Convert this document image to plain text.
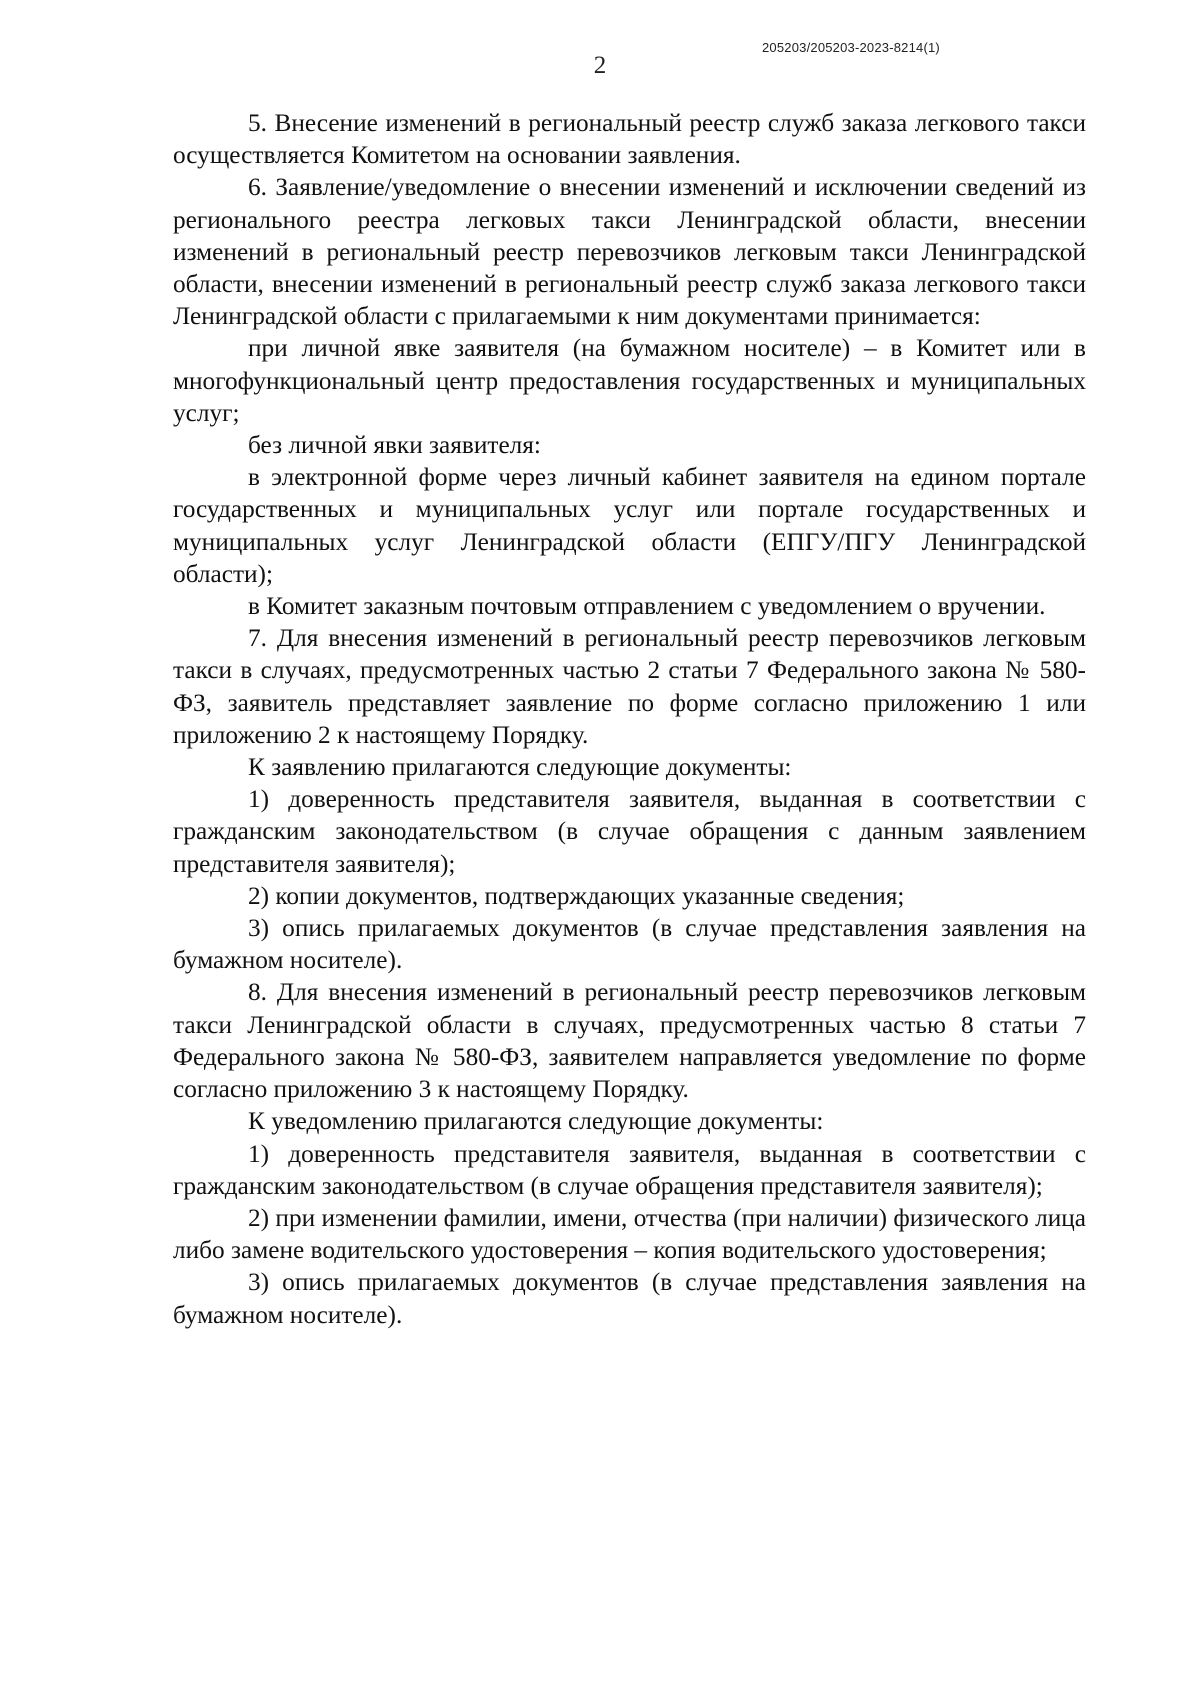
205203/205203-2023-8214(1)
2

5. Внесение изменений в региональный реестр служб заказа легкового такси осуществляется Комитетом на основании заявления.

6. Заявление/уведомление о внесении изменений и исключении сведений из регионального реестра легковых такси Ленинградской области, внесении изменений в региональный реестр перевозчиков легковым такси Ленинградской области, внесении изменений в региональный реестр служб заказа легкового такси Ленинградской области с прилагаемыми к ним документами принимается:

при личной явке заявителя (на бумажном носителе) – в Комитет или в многофункциональный центр предоставления государственных и муниципальных услуг;

без личной явки заявителя:

в электронной форме через личный кабинет заявителя на едином портале государственных и муниципальных услуг или портале государственных и муниципальных услуг Ленинградской области (ЕПГУ/ПГУ Ленинградской области);

в Комитет заказным почтовым отправлением с уведомлением о вручении.

7. Для внесения изменений в региональный реестр перевозчиков легковым такси в случаях, предусмотренных частью 2 статьи 7 Федерального закона № 580-ФЗ, заявитель представляет заявление по форме согласно приложению 1 или приложению 2 к настоящему Порядку.

К заявлению прилагаются следующие документы:

1) доверенность представителя заявителя, выданная в соответствии с гражданским законодательством (в случае обращения с данным заявлением представителя заявителя);

2) копии документов, подтверждающих указанные сведения;

3) опись прилагаемых документов (в случае представления заявления на бумажном носителе).

8. Для внесения изменений в региональный реестр перевозчиков легковым такси Ленинградской области в случаях, предусмотренных частью 8 статьи 7 Федерального закона № 580-ФЗ, заявителем направляется уведомление по форме согласно приложению 3 к настоящему Порядку.

К уведомлению прилагаются следующие документы:

1) доверенность представителя заявителя, выданная в соответствии с гражданским законодательством (в случае обращения представителя заявителя);

2) при изменении фамилии, имени, отчества (при наличии) физического лица либо замене водительского удостоверения – копия водительского удостоверения;

3) опись прилагаемых документов (в случае представления заявления на бумажном носителе).
